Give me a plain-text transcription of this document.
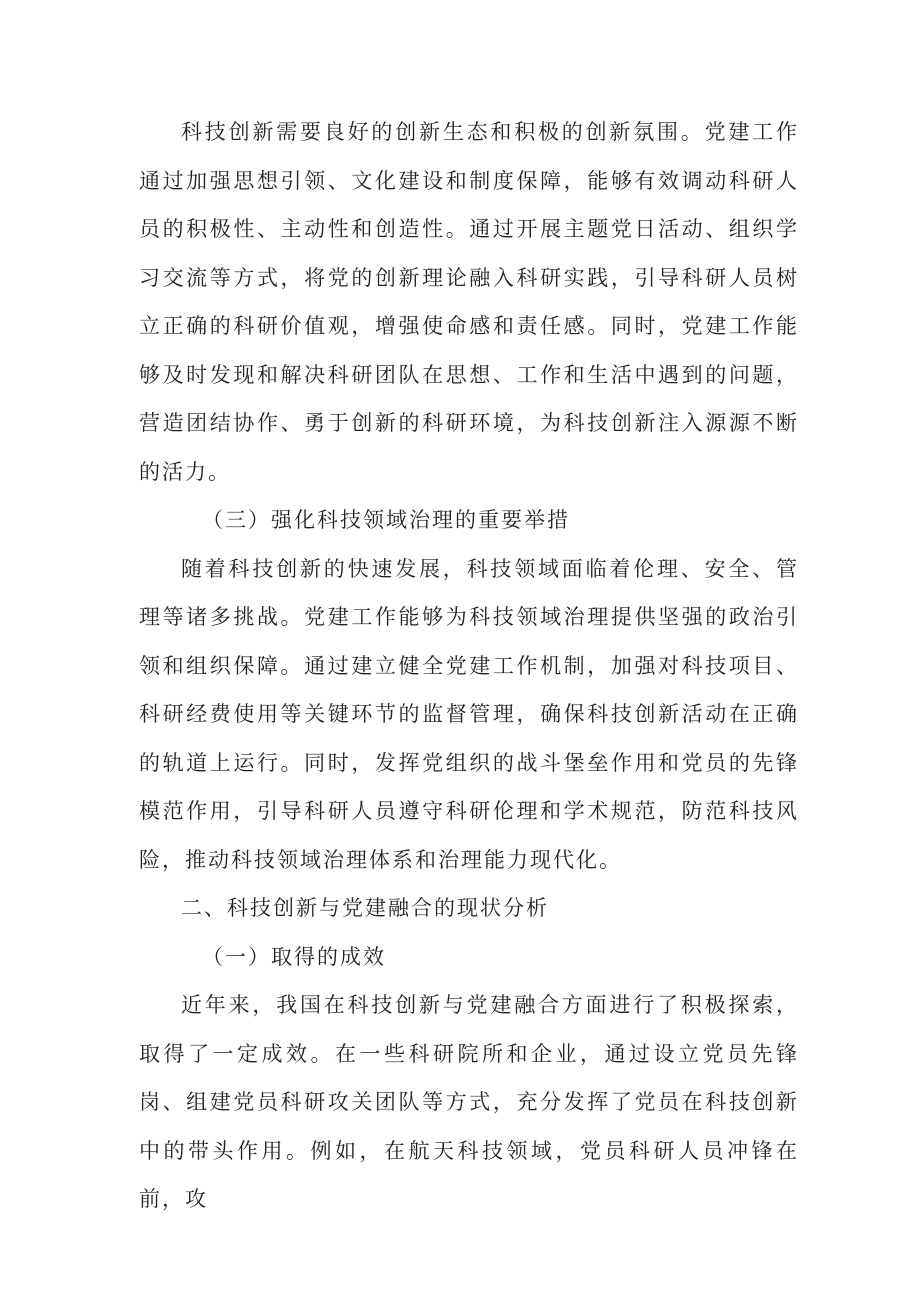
科技创新需要良好的创新生态和积极的创新氛围。党建工作通过加强思想引领、文化建设和制度保障，能够有效调动科研人员的积极性、主动性和创造性。通过开展主题党日活动、组织学习交流等方式，将党的创新理论融入科研实践，引导科研人员树立正确的科研价值观，增强使命感和责任感。同时，党建工作能够及时发现和解决科研团队在思想、工作和生活中遇到的问题，营造团结协作、勇于创新的科研环境，为科技创新注入源源不断的活力。

（三）强化科技领域治理的重要举措

随着科技创新的快速发展，科技领域面临着伦理、安全、管理等诸多挑战。党建工作能够为科技领域治理提供坚强的政治引领和组织保障。通过建立健全党建工作机制，加强对科技项目、科研经费使用等关键环节的监督管理，确保科技创新活动在正确的轨道上运行。同时，发挥党组织的战斗堡垒作用和党员的先锋模范作用，引导科研人员遵守科研伦理和学术规范，防范科技风险，推动科技领域治理体系和治理能力现代化。

二、科技创新与党建融合的现状分析

（一）取得的成效

近年来，我国在科技创新与党建融合方面进行了积极探索，取得了一定成效。在一些科研院所和企业，通过设立党员先锋岗、组建党员科研攻关团队等方式，充分发挥了党员在科技创新中的带头作用。例如，在航天科技领域，党员科研人员冲锋在前，攻
